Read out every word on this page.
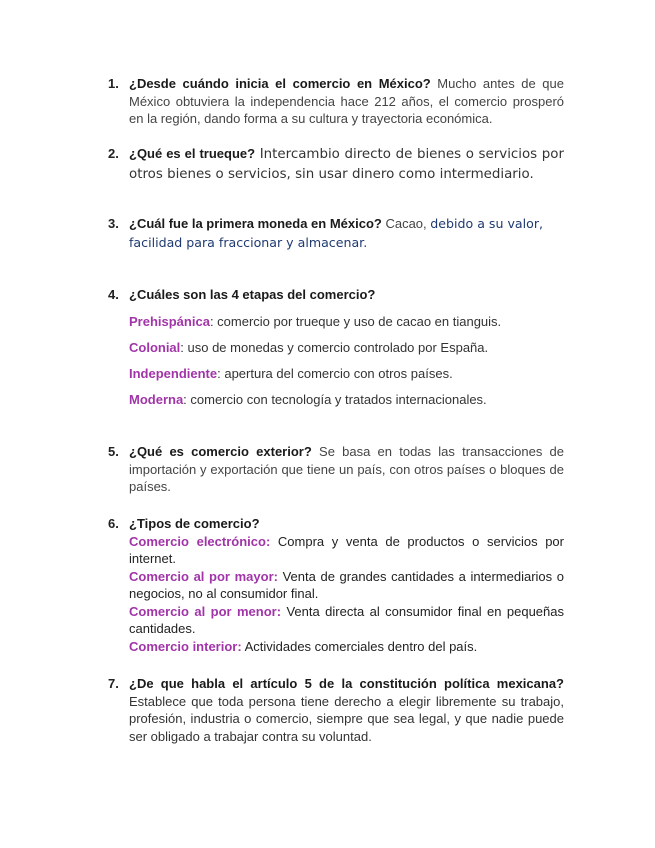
1. ¿Desde cuándo inicia el comercio en México? Mucho antes de que México obtuviera la independencia hace 212 años, el comercio prosperó en la región, dando forma a su cultura y trayectoria económica.
2. ¿Qué es el trueque? Intercambio directo de bienes o servicios por otros bienes o servicios, sin usar dinero como intermediario.
3. ¿Cuál fue la primera moneda en México? Cacao, debido a su valor, facilidad para fraccionar y almacenar.
4. ¿Cuáles son las 4 etapas del comercio?
Prehispánica: comercio por trueque y uso de cacao en tianguis.
Colonial: uso de monedas y comercio controlado por España.
Independiente: apertura del comercio con otros países.
Moderna: comercio con tecnología y tratados internacionales.
5. ¿Qué es comercio exterior? Se basa en todas las transacciones de importación y exportación que tiene un país, con otros países o bloques de países.
6. ¿Tipos de comercio?
Comercio electrónico: Compra y venta de productos o servicios por internet.
Comercio al por mayor: Venta de grandes cantidades a intermediarios o negocios, no al consumidor final.
Comercio al por menor: Venta directa al consumidor final en pequeñas cantidades.
Comercio interior: Actividades comerciales dentro del país.
7. ¿De que habla el artículo 5 de la constitución política mexicana? Establece que toda persona tiene derecho a elegir libremente su trabajo, profesión, industria o comercio, siempre que sea legal, y que nadie puede ser obligado a trabajar contra su voluntad.
